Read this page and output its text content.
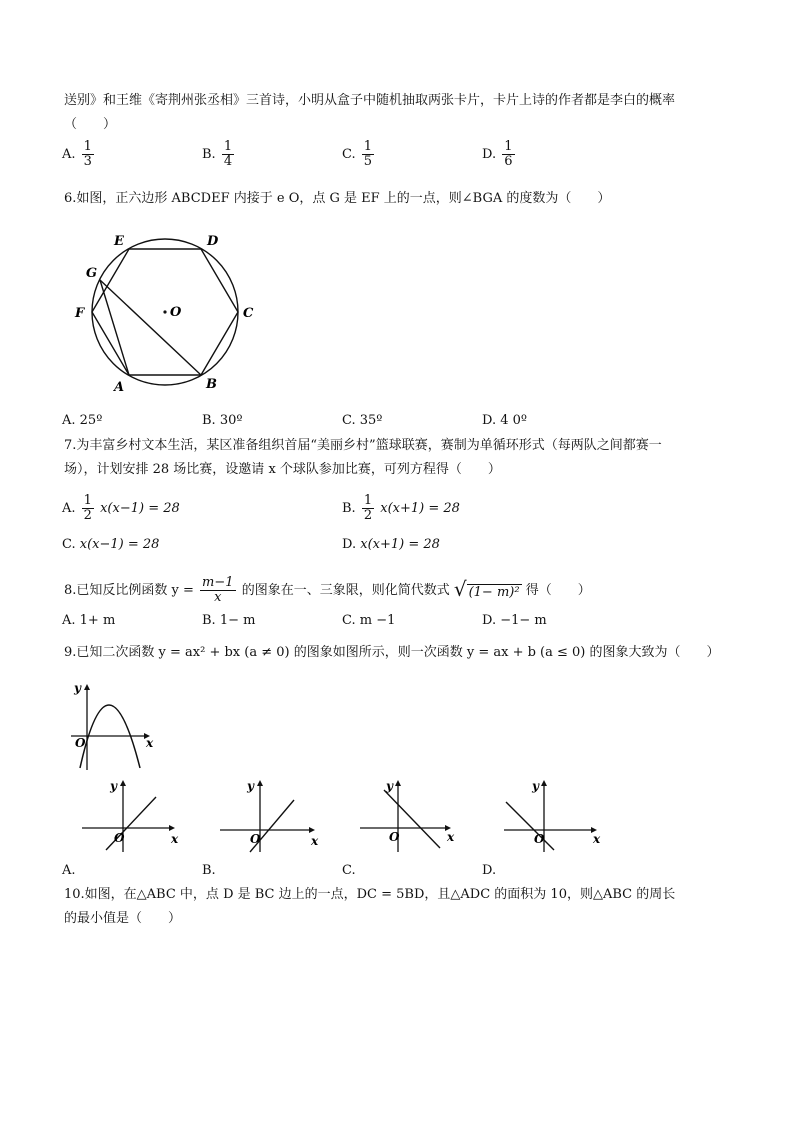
送别》和王维《寄荆州张丞相》三首诗，小明从盒子中随机抽取两张卡片，卡片上诗的作者都是李白的概率
（　　）
A. $\frac{1}{3}$	B. $\frac{1}{4}$	C. $\frac{1}{5}$	D. $\frac{1}{6}$
6.如图，正六边形 ABCDEF 内接于 e O，点 G 是 EF 上的一点，则∠BGA 的度数为（　　）
E	D
G
F	O	C
A	B
A. 25º	B. 30º	C. 35º	D. 4 0º
7.为丰富乡村文本生活，某区准备组织首届“美丽乡村”篮球联赛，赛制为单循环形式（每两队之间都赛一
场），计划安排 28 场比赛，设邀请 x 个球队参加比赛，可列方程得（　　）
A. $\frac{1}{2} x(x-1) = 28$	B. $\frac{1}{2} x(x+1) = 28$
C. x(x−1) = 28	D. x(x+1) = 28
8.已知反比例函数 $y = \frac{m-1}{x}$ 的图象在一、三象限，则化简代数式 √ (1− m)² 得（　　）
A. 1+ m	B. 1− m	C. m −1	D. −1− m
9.已知二次函数 y = ax² + bx (a ≠ 0) 的图象如图所示，则一次函数 y = ax + b (a ≤ 0) 的图象大致为（　　）
y
x
O
y
x
O
y
x
O
y
x
O
y
x
O
A.	B.	C.	D.
10.如图，在△ABC 中，点 D 是 BC 边上的一点，DC = 5BD，且△ADC 的面积为 10，则△ABC 的周长
的最小值是（　　）
